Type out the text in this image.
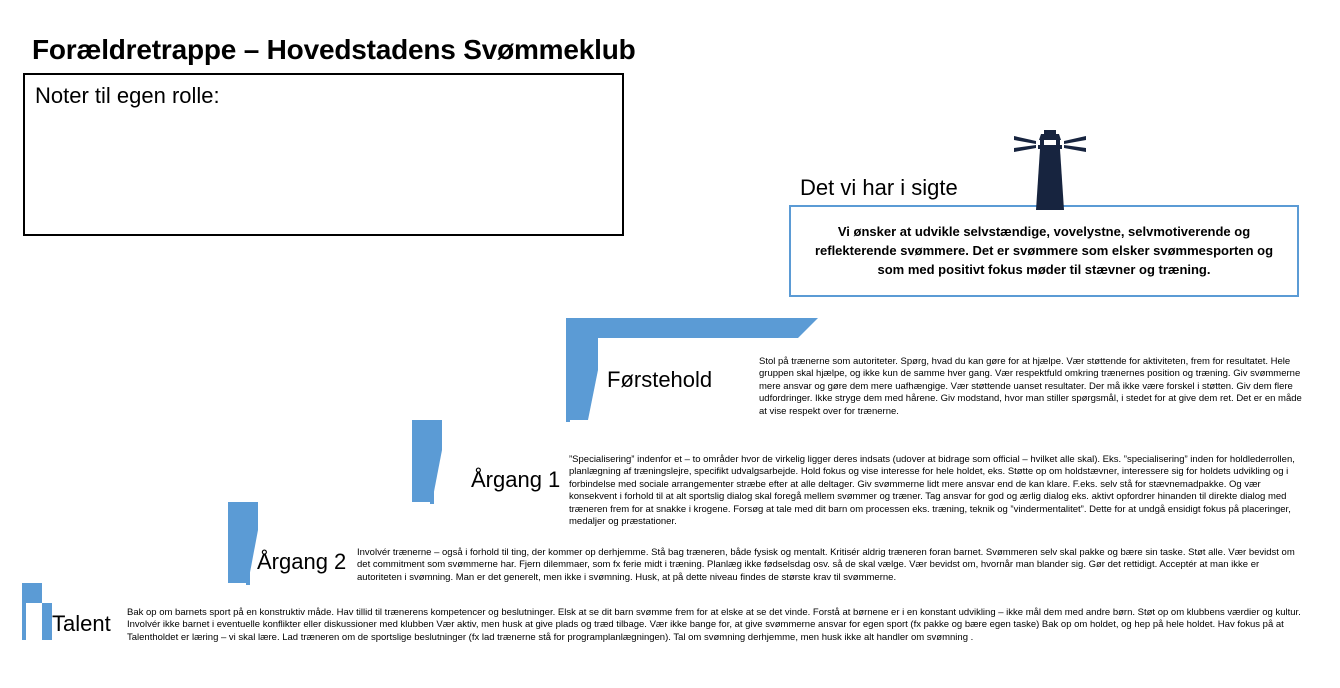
Forældretrappe – Hovedstadens Svømmeklub
Noter til egen rolle:
Det vi har i sigte
Vi ønsker at udvikle selvstændige, vovelystne, selvmotiverende og reflekterende svømmere. Det er svømmere som elsker svømmesporten og som med positivt fokus møder til stævner og træning.
Førstehold
Stol på trænerne som autoriteter. Spørg, hvad du kan gøre for at hjælpe. Vær støttende for aktiviteten, frem for resultatet. Hele gruppen skal hjælpe, og ikke kun de samme hver gang. Vær respektfuld omkring trænernes position og træning. Giv svømmerne mere ansvar og gøre dem mere uafhængige. Vær støttende uanset resultater. Der må ikke være forskel i støtten. Giv dem flere udfordringer. Ikke stryge dem med hårene. Giv modstand, hvor man stiller spørgsmål, i stedet for at give dem ret. Det er en måde at vise respekt over for trænerne.
Årgang 1
”Specialisering” indenfor et – to områder hvor de virkelig ligger deres indsats (udover at bidrage som official – hvilket alle skal). Eks. ”specialisering” inden for holdlederrollen, planlægning af træningslejre, specifikt udvalgsarbejde. Hold fokus og vise interesse for hele holdet, eks. Støtte op om holdstævner, interessere sig for holdets udvikling og i forbindelse med sociale arrangementer stræbe efter at alle deltager. Giv svømmerne lidt mere ansvar end de kan klare. F.eks. selv stå for stævnemadpakke. Og vær konsekvent i forhold til at alt sportslig dialog skal foregå mellem svømmer og træner. Tag ansvar for god og ærlig dialog eks. aktivt opfordrer hinanden til direkte dialog med træneren frem for at snakke i krogene. Forsøg at tale med dit barn om processen eks. træning, teknik og ”vindermentalitet”. Dette for at undgå ensidigt fokus på placeringer, medaljer og præstationer.
Årgang 2 Involvér trænerne – også i forhold til ting, der kommer op derhjemme. Stå bag træneren, både fysisk og mentalt. Kritisér aldrig træneren foran barnet. Svømmeren selv skal pakke og bære sin taske. Støt alle. Vær bevidst om det commitment som svømmerne har. Fjern dilemmaer, som fx ferie midt i træning. Planlæg ikke fødselsdag osv. så de skal vælge. Vær bevidst om, hvornår man blander sig. Gør det rettidigt. Acceptér at man ikke er autoriteten i svømning. Man er det generelt, men ikke i svømning. Husk, at på dette niveau findes de største krav til svømmerne.
Talent Bak op om barnets sport på en konstruktiv måde. Hav tillid til trænerens kompetencer og beslutninger. Elsk at se dit barn svømme frem for at elske at se det vinde. Forstå at børnene er i en konstant udvikling – ikke mål dem med andre børn. Støt op om klubbens værdier og kultur. Involvér ikke barnet i eventuelle konflikter eller diskussioner med klubben Vær aktiv, men husk at give plads og træd tilbage. Vær ikke bange for, at give svømmerne ansvar for egen sport (fx pakke og bære egen taske) Bak op om holdet, og hep på hele holdet. Hav fokus på at Talentholdet er læring – vi skal lære. Lad træneren om de sportslige beslutninger (fx lad trænerne stå for programplanlægningen). Tal om svømning derhjemme, men husk ikke alt handler om svømning .
